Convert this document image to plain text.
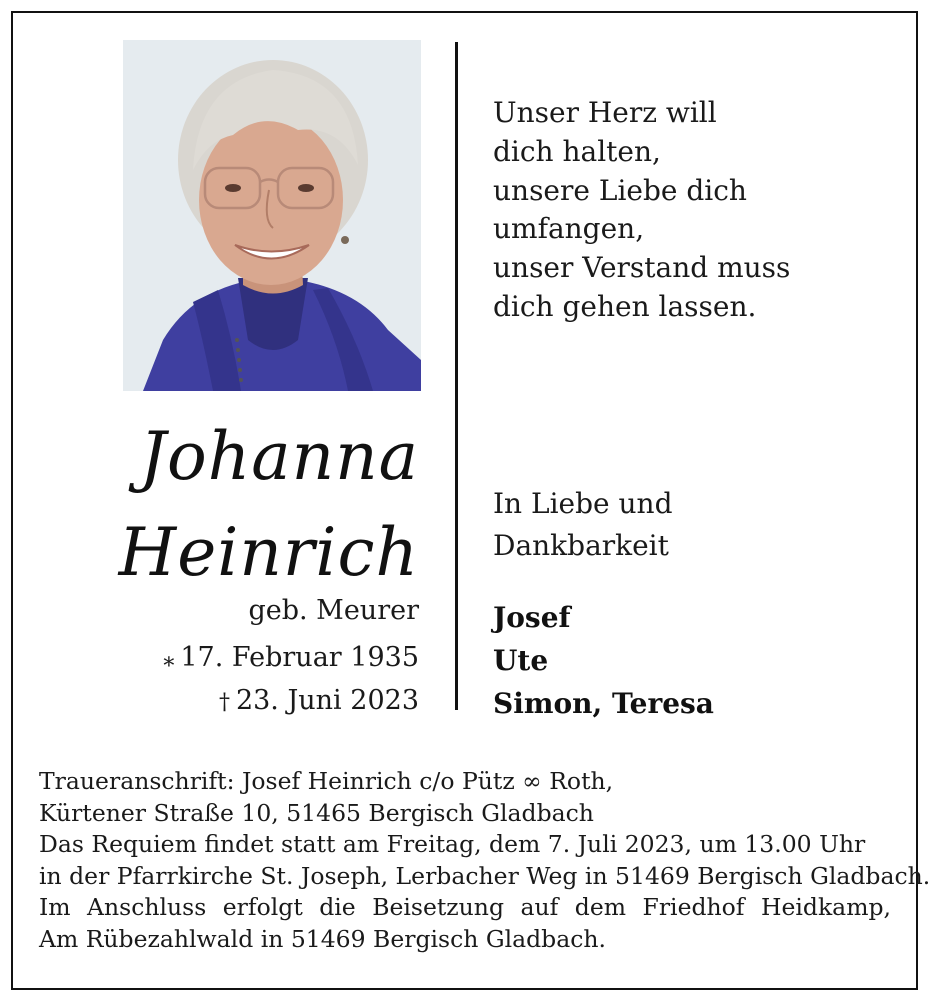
Unser Herz will
dich halten,
unsere Liebe dich
umfangen,
unser Verstand muss
dich gehen lassen.
Johanna
Heinrich
geb. Meurer
⁎ 17. Februar 1935
† 23. Juni 2023
In Liebe und
Dankbarkeit
Josef
Ute
Simon, Teresa
Traueranschrift: Josef Heinrich c/o Pütz ∞ Roth,
Kürtener Straße 10, 51465 Bergisch Gladbach
Das Requiem findet statt am Freitag, dem 7. Juli 2023, um 13.00 Uhr
in der Pfarrkirche St. Joseph, Lerbacher Weg in 51469 Bergisch Gladbach.
Im Anschluss erfolgt die Beisetzung auf dem Friedhof Heidkamp,
Am Rübezahlwald in 51469 Bergisch Gladbach.
